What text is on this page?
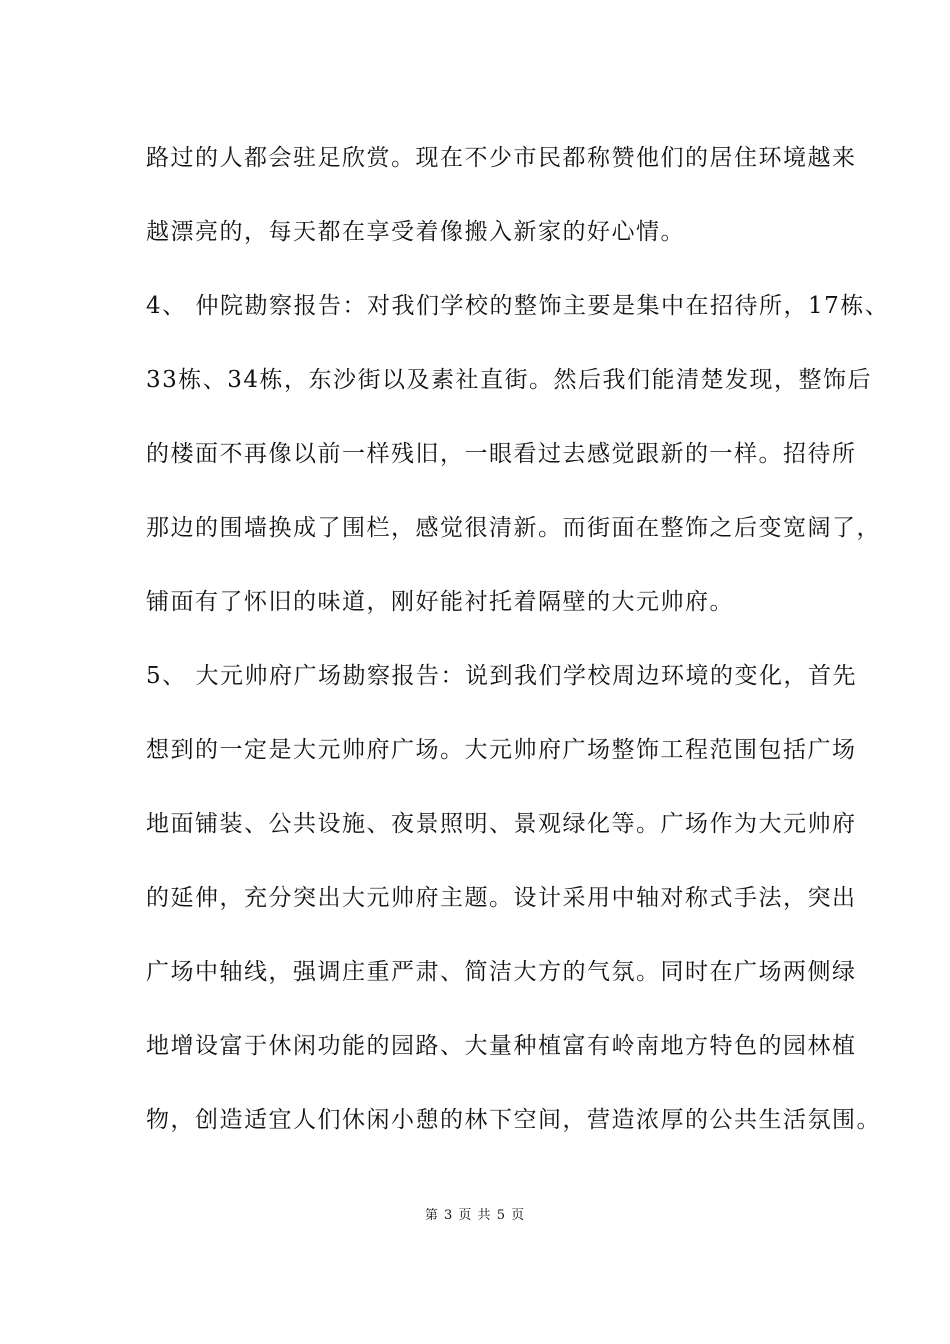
路过的人都会驻足欣赏。现在不少市民都称赞他们的居住环境越来
越漂亮的，每天都在享受着像搬入新家的好心情。
4、 仲院勘察报告：对我们学校的整饰主要是集中在招待所，17栋、
33栋、34栋，东沙街以及素社直街。然后我们能清楚发现，整饰后
的楼面不再像以前一样残旧，一眼看过去感觉跟新的一样。招待所
那边的围墙换成了围栏，感觉很清新。而街面在整饰之后变宽阔了，
铺面有了怀旧的味道，刚好能衬托着隔壁的大元帅府。
5、 大元帅府广场勘察报告：说到我们学校周边环境的变化，首先
想到的一定是大元帅府广场。大元帅府广场整饰工程范围包括广场
地面铺装、公共设施、夜景照明、景观绿化等。广场作为大元帅府
的延伸，充分突出大元帅府主题。设计采用中轴对称式手法，突出
广场中轴线，强调庄重严肃、简洁大方的气氛。同时在广场两侧绿
地增设富于休闲功能的园路、大量种植富有岭南地方特色的园林植
物，创造适宜人们休闲小憩的林下空间，营造浓厚的公共生活氛围。
第 3 页 共 5 页
